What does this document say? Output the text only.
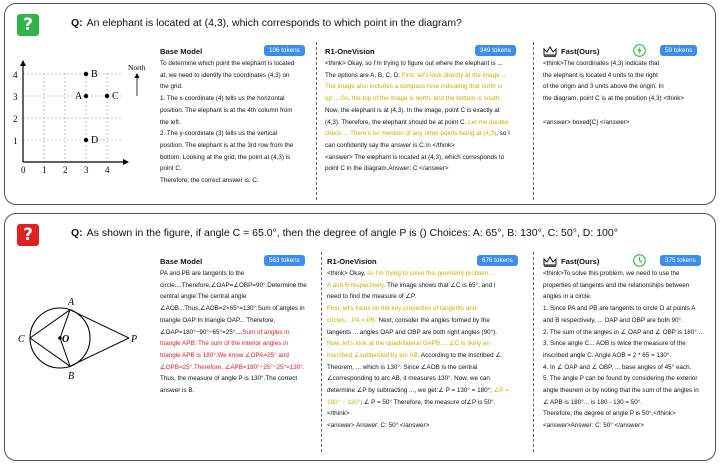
?	Q: An elephant is located at (4,3), which corresponds to which point in the diagram?
0 1 2 3 4
1
2
3
4	B
A	C
D
North
Base Model	106 tokens
To determine which point the elephant is located
at, we need to identify the coordinates (4,3) on
the grid.
1. The x-coordinate (4) tells us the horizontal
position. The elephant is at the 4th column from
the left.
2. The y-coordinate (3) tells us the vertical
position. The elephant is at the 3rd row from the
bottom. Looking at the grid, the point at (4,3) is
point C.
Therefore, the correct answer is: C.
R1-OneVision	349 tokens
<think> Okay, so I'm trying to figure out where the elephant is ...
The options are A, B, C, D. First, let's look directly at the image ...
The image also includes a compass rose indicating that north is
up ... So, the top of the image is north, and the bottom is south.
Now, the elephant is at (4,3). In the image, point C is exactly at
(4,3). Therefore, the elephant should be at point C. Let me double-
check.... There's no mention of any other points being at (4,3), so I
can confidently say the answer is C.\n </think>
<answer> The elephant is located at (4,3), which corresponds to
point C in the diagram.Answer: C </answer>
Fast(Ours)	59 tokens
<think>The coordinates (4,3) indicate that
the elephant is located 4 units to the right
of the origin and 3 units above the origin. In
the diagram, point C is at the position (4,3) <think>

<answer> boxed{C} </answer>
?	Q: As shown in the figure, if angle C = 65.0°, then the degree of angle P is () Choices: A: 65°, B: 130°, C: 50°, D: 100°
A
O
C
B
P
Base Model	563 tokens
PA and PB are tangents to the
circle....Therefore,∠OAP=∠OBP=90°.Determine the
central angle:The central angle
∠AOB...Thus,∠AOB=2×65°=130°.Sum of angles in
triangle OAP:In triangle OAP... Therefore,
∠OAP=180°−90°−65°=25°....Sum of angles in
triangle APB: The sum of the interior angles in
triangle APB is 180°.We know ∠OPA=25° and
∠OPB=25°.Therefore, ∠APB=180°−25°−25°=130°.
Thus, the measure of angle P is 130°.The correct
answer is B.
R1-OneVision	676 tokens
<think> Okay, so I'm trying to solve this geometry problem ...
A and B respectively. The image shows that ∠C is 65°, and I
need to find the measure of ∠P.
First, let's focus on the key properties of tangents and
circles... PA = PB. Next, consider the angles formed by the
tangents ... angles OAP and OBP are both right angles (90°).
Now, let's look at the quadrilateral OAPB.... ∠C is likely an
inscribed ∠subtended by arc AB. According to the Inscribed ∠
Theorem, ... which is 130°. Since ∠AOB is the central
∠corresponding to arc AB, it measures 130°. Now, we can
determine ∠P by subtracting ..., we get:∠ P = 130° = 180°; ∠P =
180° − 130°; ∠ P = 50° Therefore, the measure of∠P is 50°.
</think>
<answer> Answer: C: 50° </answer>
Fast(Ours)	375 tokens
<think>To solve this problem, we need to use the
properties of tangents and the relationships between
angles in a circle.
1. Since PA and PB are tangents to circle O at points A
and B respectively, ... OAP and OBP are both 90°.
2. The sum of the angles in ∠ OAP and ∠ OBP is 180°....
3. Since angle C... AOB is twice the measure of the
inscribed angle C. Angle AOB = 2 * 65 = 130°.
4. In ∠ OAP and ∠ OBP, ... base angles of 45° each.
5. The angle P can be found by considering the exterior
angle theorem or by noting that the sum of the angles in
∠ APB is 180°... is 180 - 130 = 50°.
Therefore, the degree of angle P is 50°.</think>
<answer>Answer: C: 50° </answer>
